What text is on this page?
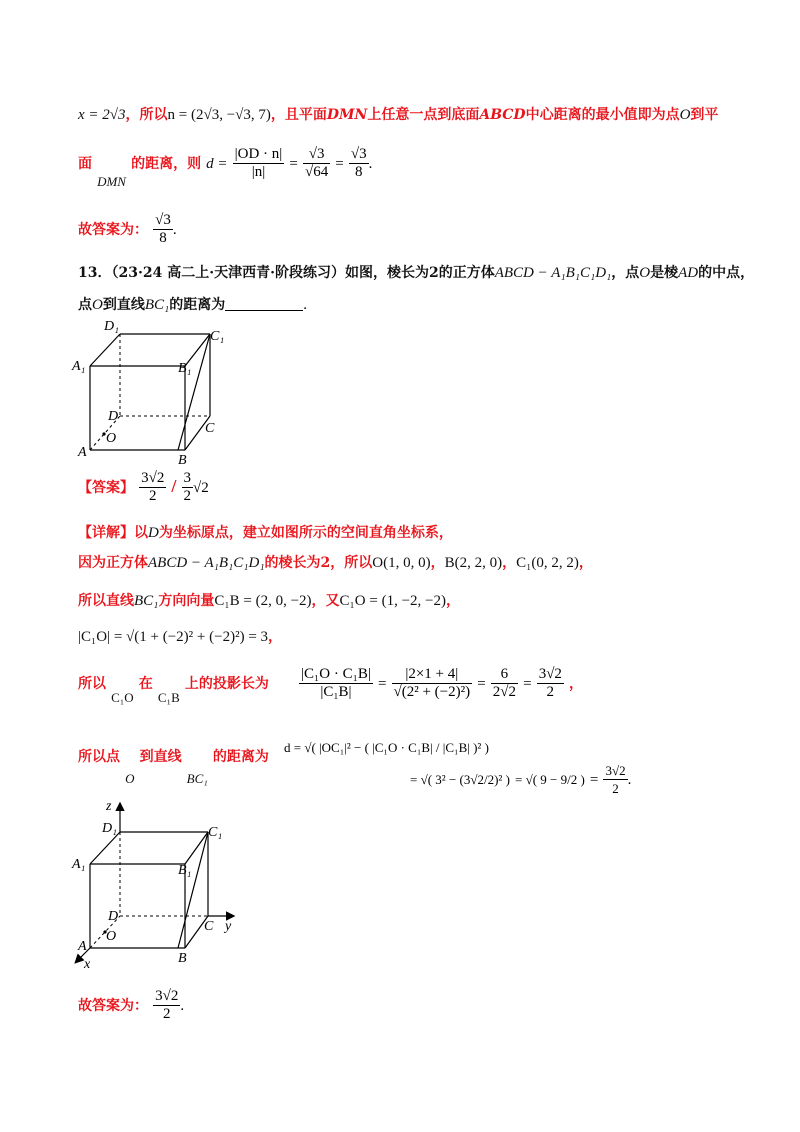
x = 2√3，所以n = (2√3, −√3, 7)，且平面DMN上任意一点到底面ABCD中心距离的最小值即为点O到平
面 $_{DMN}$ 的距离，则 $d = \frac{|OD \cdot n|}{|n|} = \frac{√3}{√64} = \frac{√3}{8}$ .
故答案为： $\frac{√3}{8}$ .
13．（23·24 高二上·天津西青·阶段练习）如图，棱长为2的正方体ABCD − A₁B₁C₁D₁，点O是棱AD的中点，
点O到直线BC₁的距离为	.
D₁
C₁
A₁	B₁
D
C
A
B
O
【答案】 $\frac{3√2}{2} / \frac{3}{2} √2$
【详解】以D为坐标原点，建立如图所示的空间直角坐标系，
因为正方体ABCD − A₁B₁C₁D₁的棱长为2，所以O(1, 0, 0)，B(2, 2, 0)，C₁(0, 2, 2)，
所以直线BC₁方向向量C₁B = (2, 0, −2)，又C₁O = (1, −2, −2)，
|C₁O| = √(1 + (−2)² + (−2)²) = 3，
所以 $_{C_1O}$ 在 $_{C_1B}$ 上的投影长为 $\frac{\text{|C₁O · C₁B|}}{\text{|C₁B|}} = \frac{|2\times 1 + 4|}{\text{√(2² + (−2)²)}} = \frac{6}{2√2} = \frac{3√2}{2}$ ，
所以点 $_O$ 到直线 $_{BC_1}$ 的距离为
d = √( |OC₁|² − ( |C₁O · C₁B| / |C₁B| )² )
= √( 3² − (3√2/2)² ) = √( 9 − 9/2 ) = $\frac{3√2}{2}$ .
z
y
x
D₁	C₁
A₁	B₁
D
C
A
B
O
故答案为： $\frac{3√2}{2}$ .
